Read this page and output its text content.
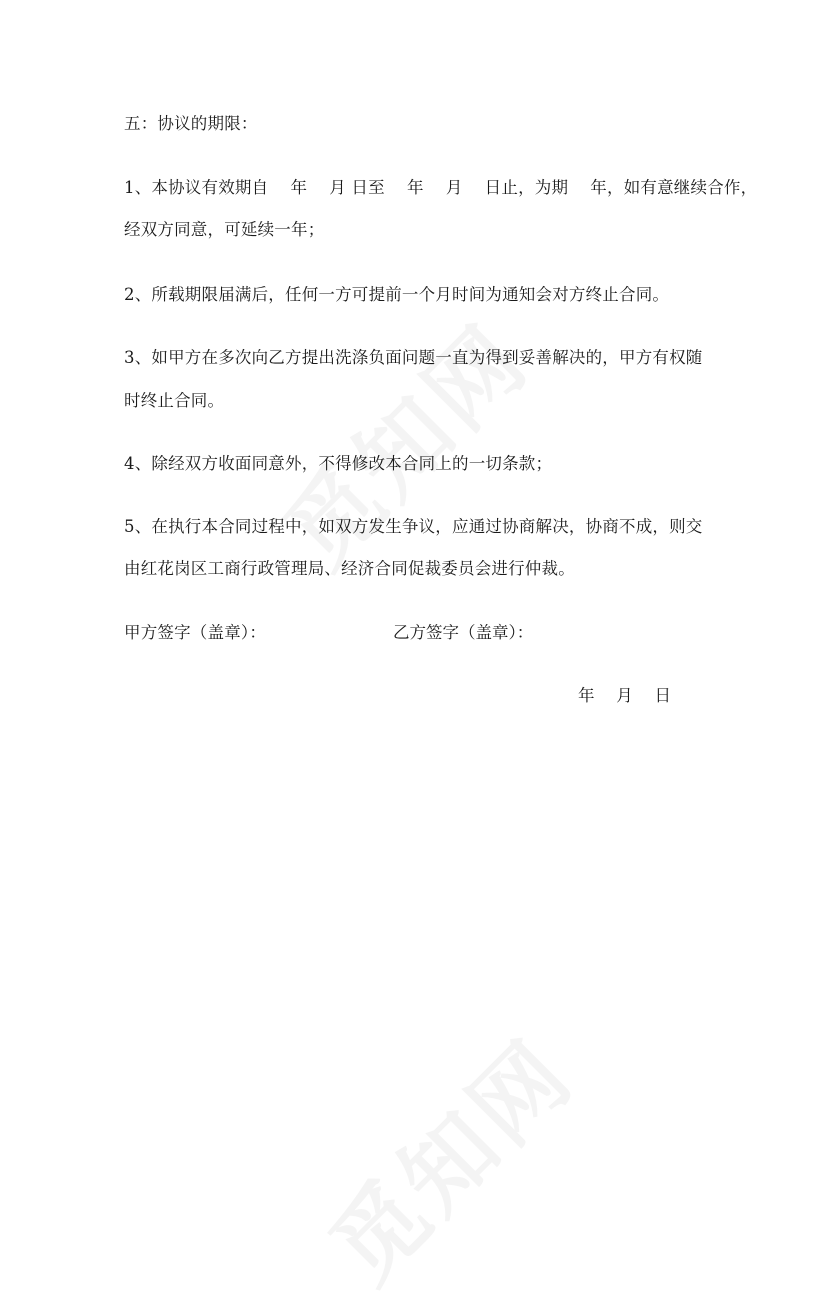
五：协议的期限：
1、本协议有效期自　 年　 月 日至　 年　 月　 日止，为期　 年，如有意继续合作，
经双方同意，可延续一年；
2、所载期限届满后，任何一方可提前一个月时间为通知会对方终止合同。
3、如甲方在多次向乙方提出洗涤负面问题一直为得到妥善解决的，甲方有权随
时终止合同。
4、除经双方收面同意外，不得修改本合同上的一切条款；
5、在执行本合同过程中，如双方发生争议，应通过协商解决，协商不成，则交
由红花岗区工商行政管理局、经济合同促裁委员会进行仲裁。
甲方签字（盖章）：	乙方签字（盖章）：
年　 月　 日
